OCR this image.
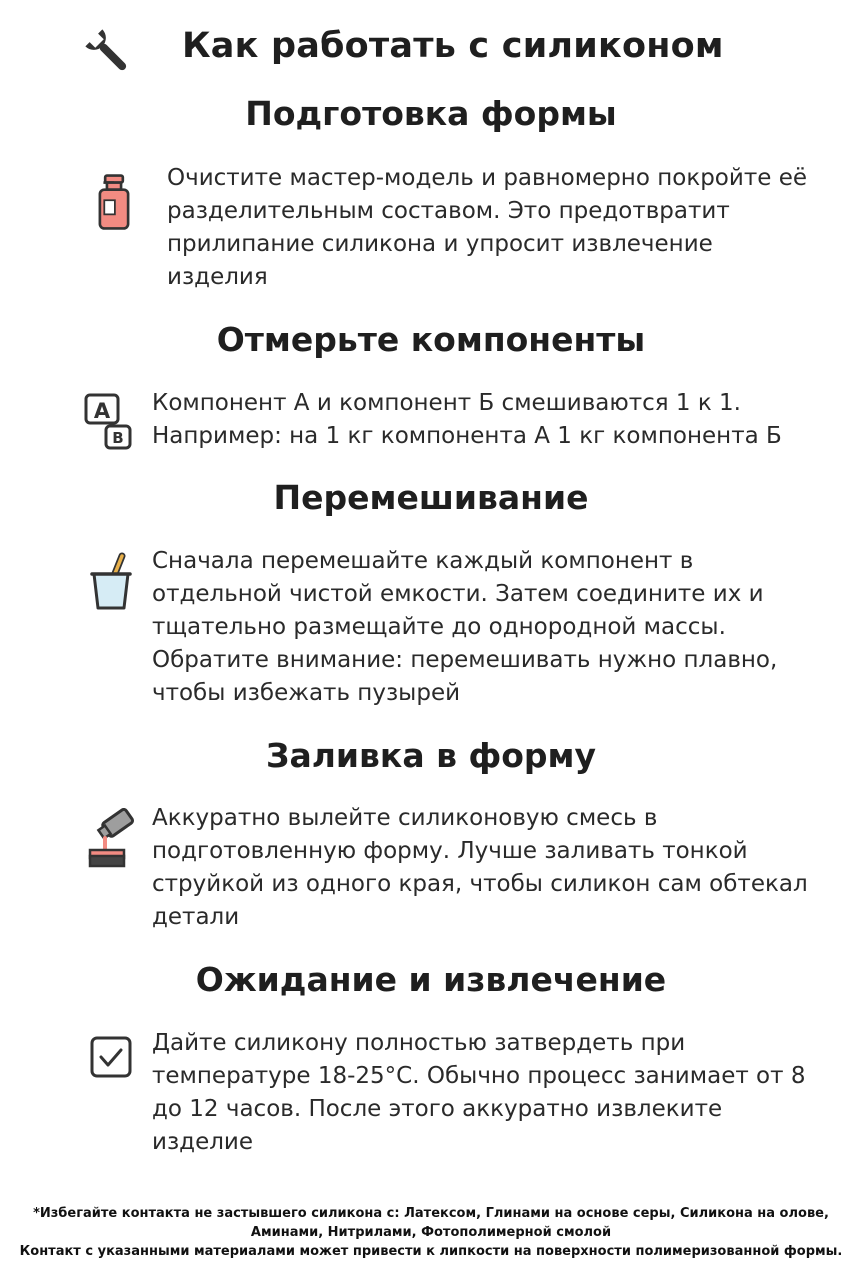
Как работать с силиконом
Подготовка формы
Очистите мастер-модель и равномерно покройте её
разделительным составом. Это предотвратит
прилипание силикона и упросит извлечение
изделия
Отмерьте компоненты
A
B
Компонент А и компонент Б смешиваются 1 к 1.
Например: на 1 кг компонента А 1 кг компонента Б
Перемешивание
Сначала перемешайте каждый компонент в
отдельной чистой емкости. Затем соедините их и
тщательно размещайте до однородной массы.
Обратите внимание: перемешивать нужно плавно,
чтобы избежать пузырей
Заливка в форму
Аккуратно вылейте силиконовую смесь в
подготовленную форму. Лучше заливать тонкой
струйкой из одного края, чтобы силикон сам обтекал
детали
Ожидание и извлечение
Дайте силикону полностью затвердеть при
температуре 18-25°С. Обычно процесс занимает от 8
до 12 часов. После этого аккуратно извлеките
изделие
*Избегайте контакта не застывшего силикона с: Латексом, Глинами на основе серы, Силикона на олове,
Аминами, Нитрилами, Фотополимерной смолой
Контакт с указанными материалами может привести к липкости на поверхности полимеризованной формы.
